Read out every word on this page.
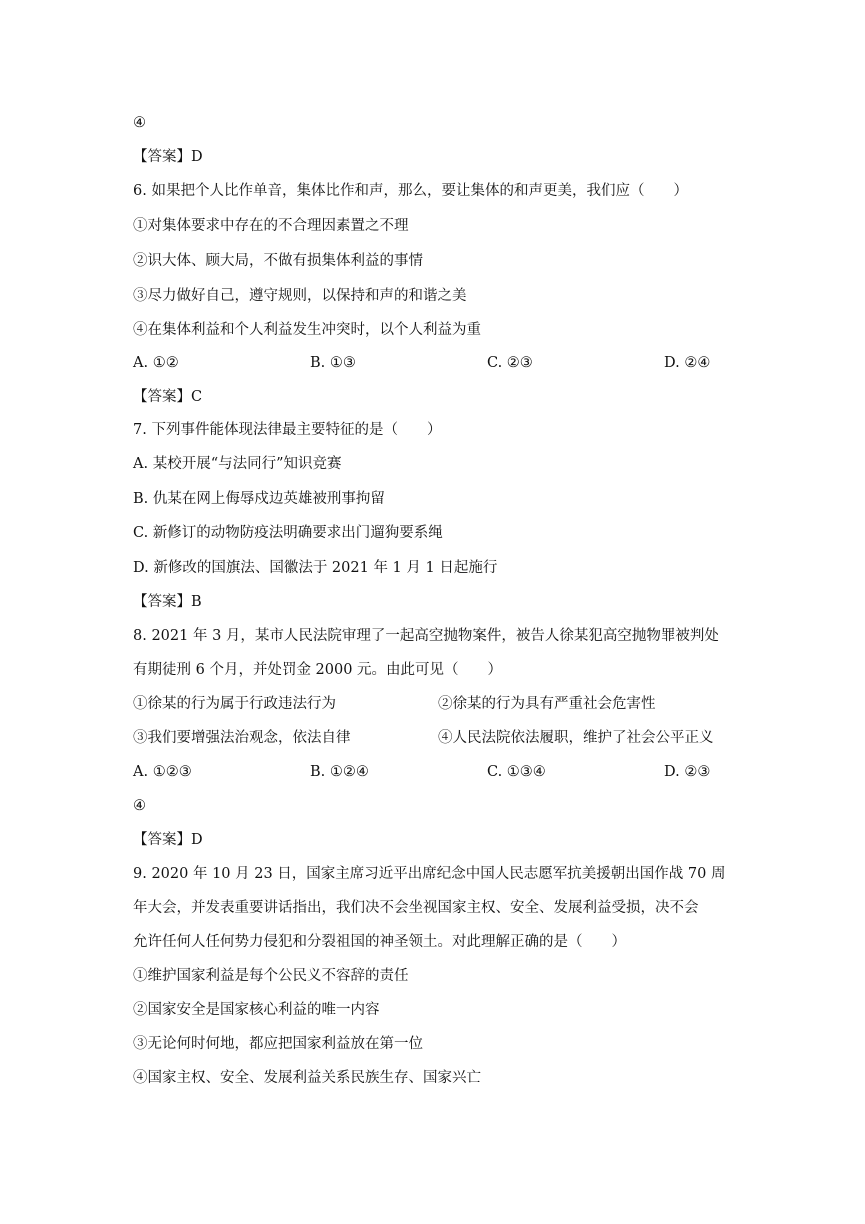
④
【答案】D
6. 如果把个人比作单音，集体比作和声，那么，要让集体的和声更美，我们应（　　）
①对集体要求中存在的不合理因素置之不理
②识大体、顾大局，不做有损集体利益的事情
③尽力做好自己，遵守规则，以保持和声的和谐之美
④在集体利益和个人利益发生冲突时，以个人利益为重
A. ①②	B. ①③	C. ②③	D. ②④
【答案】C
7. 下列事件能体现法律最主要特征的是（　　）
A. 某校开展“与法同行”知识竞赛
B. 仇某在网上侮辱戍边英雄被刑事拘留
C. 新修订的动物防疫法明确要求出门遛狗要系绳
D. 新修改的国旗法、国徽法于 2021 年 1 月 1 日起施行
【答案】B
8. 2021 年 3 月，某市人民法院审理了一起高空抛物案件，被告人徐某犯高空抛物罪被判处
有期徒刑 6 个月，并处罚金 2000 元。由此可见（　　）
①徐某的行为属于行政违法行为	②徐某的行为具有严重社会危害性
③我们要增强法治观念，依法自律	④人民法院依法履职，维护了社会公平正义
A. ①②③	B. ①②④	C. ①③④	D. ②③
④
【答案】D
9. 2020 年 10 月 23 日，国家主席习近平出席纪念中国人民志愿军抗美援朝出国作战 70 周
年大会，并发表重要讲话指出，我们决不会坐视国家主权、安全、发展利益受损，决不会
允许任何人任何势力侵犯和分裂祖国的神圣领土。对此理解正确的是（　　）
①维护国家利益是每个公民义不容辞的责任
②国家安全是国家核心利益的唯一内容
③无论何时何地，都应把国家利益放在第一位
④国家主权、安全、发展利益关系民族生存、国家兴亡
